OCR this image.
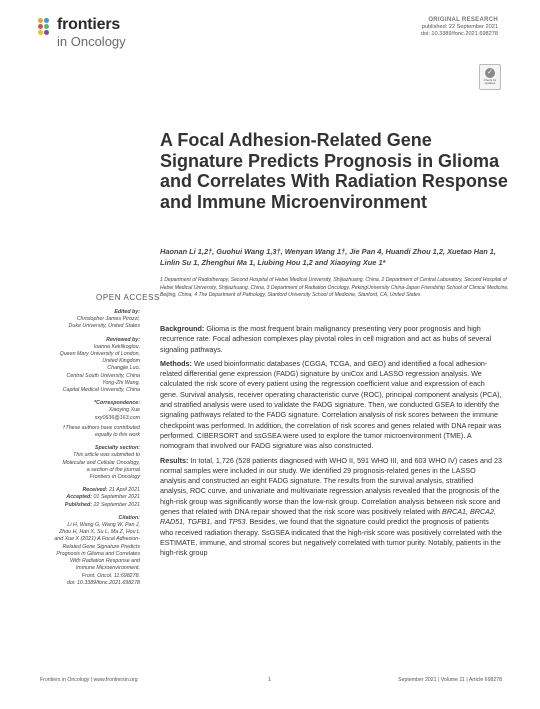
frontiers
in Oncology
ORIGINAL RESEARCH
published: 22 September 2021
doi: 10.3389/fonc.2021.698278
✓
Check for
updates
A Focal Adhesion-Related Gene Signature Predicts Prognosis in Glioma and Correlates With Radiation Response and Immune Microenvironment
Haonan Li 1,2†, Guohui Wang 1,3†, Wenyan Wang 1†, Jie Pan 4, Huandi Zhou 1,2, Xuetao Han 1, Linlin Su 1, Zhenghui Ma 1, Liubing Hou 1,2 and Xiaoying Xue 1*
1 Department of Radiotherapy, Second Hospital of Hebei Medical University, Shijiazhuang, China, 2 Department of Central Laboratory, Second Hospital of Hebei Medical University, Shijiazhuang, China, 3 Department of Radiation Oncology, PekingUniversity China-Japan Friendship School of Clinical Medicine, Beijing, China, 4 The Department of Pathology, Stanford University School of Medicine, Stanford, CA, United States
OPEN ACCESS
Edited by:
Christopher James Pirozzi,
Duke University, United States
Reviewed by:
Ioanna Keklikoglou,
Queen Mary University of London,
United Kingdom
Changjie Luo,
Central South University, China
Yong-Zhi Wang,
Capital Medical University, China
*Correspondence:
Xiaoying Xue
xxy0636@163.com
†These authors have contributed
equally to this work
Specialty section:
This article was submitted to
Molecular and Cellular Oncology,
a section of the journal
Frontiers in Oncology
Received: 21 April 2021
Accepted: 01 September 2021
Published: 22 September 2021
Citation:
Li H, Wang G, Wang W, Pan J,
Zhou H, Han X, Su L, Ma Z, Hou L
and Xue X (2021) A Focal Adhesion-
Related Gene Signature Predicts
Prognosis in Glioma and Correlates
With Radiation Response and
Immune Microenvironment.
Front. Oncol. 11:698278.
doi: 10.3389/fonc.2021.698278

Background: Glioma is the most frequent brain malignancy presenting very poor prognosis and high recurrence rate. Focal adhesion complexes play pivotal roles in cell migration and act as hubs of several signaling pathways.

Methods: We used bioinformatic databases (CGGA, TCGA, and GEO) and identified a focal adhesion-related differential gene expression (FADG) signature by uniCox and LASSO regression analysis. We calculated the risk score of every patient using the regression coefficient value and expression of each gene. Survival analysis, receiver operating characteristic curve (ROC), principal component analysis (PCA), and stratified analysis were used to validate the FADG signature. Then, we conducted GSEA to identify the signaling pathways related to the FADG signature. Correlation analysis of risk scores between the immune checkpoint was performed. In addition, the correlation of risk scores and genes related with DNA repair was performed. CIBERSORT and ssGSEA were used to explore the tumor microenvironment (TME). A nomogram that involved our FADG signature was also constructed.

Results: In total, 1,726 (528 patients diagnosed with WHO II, 591 WHO III, and 603 WHO IV) cases and 23 normal samples were included in our study. We identified 29 prognosis-related genes in the LASSO analysis and constructed an eight FADG signature. The results from the survival analysis, stratified analysis, ROC curve, and univariate and multivariate regression analysis revealed that the prognosis of the high-risk group was significantly worse than the low-risk group. Correlation analysis between risk score and genes that related with DNA repair showed that the risk score was positively related with BRCA1, BRCA2, RAD51, TGFB1, and TP53. Besides, we found that the signature could predict the prognosis of patients who received radiation therapy. SsGSEA indicated that the high-risk score was positively correlated with the ESTIMATE, immune, and stromal scores but negatively correlated with tumor purity. Notably, patients in the high-risk group

Frontiers in Oncology | www.frontiersin.org	1	September 2021 | Volume 11 | Article 698278
